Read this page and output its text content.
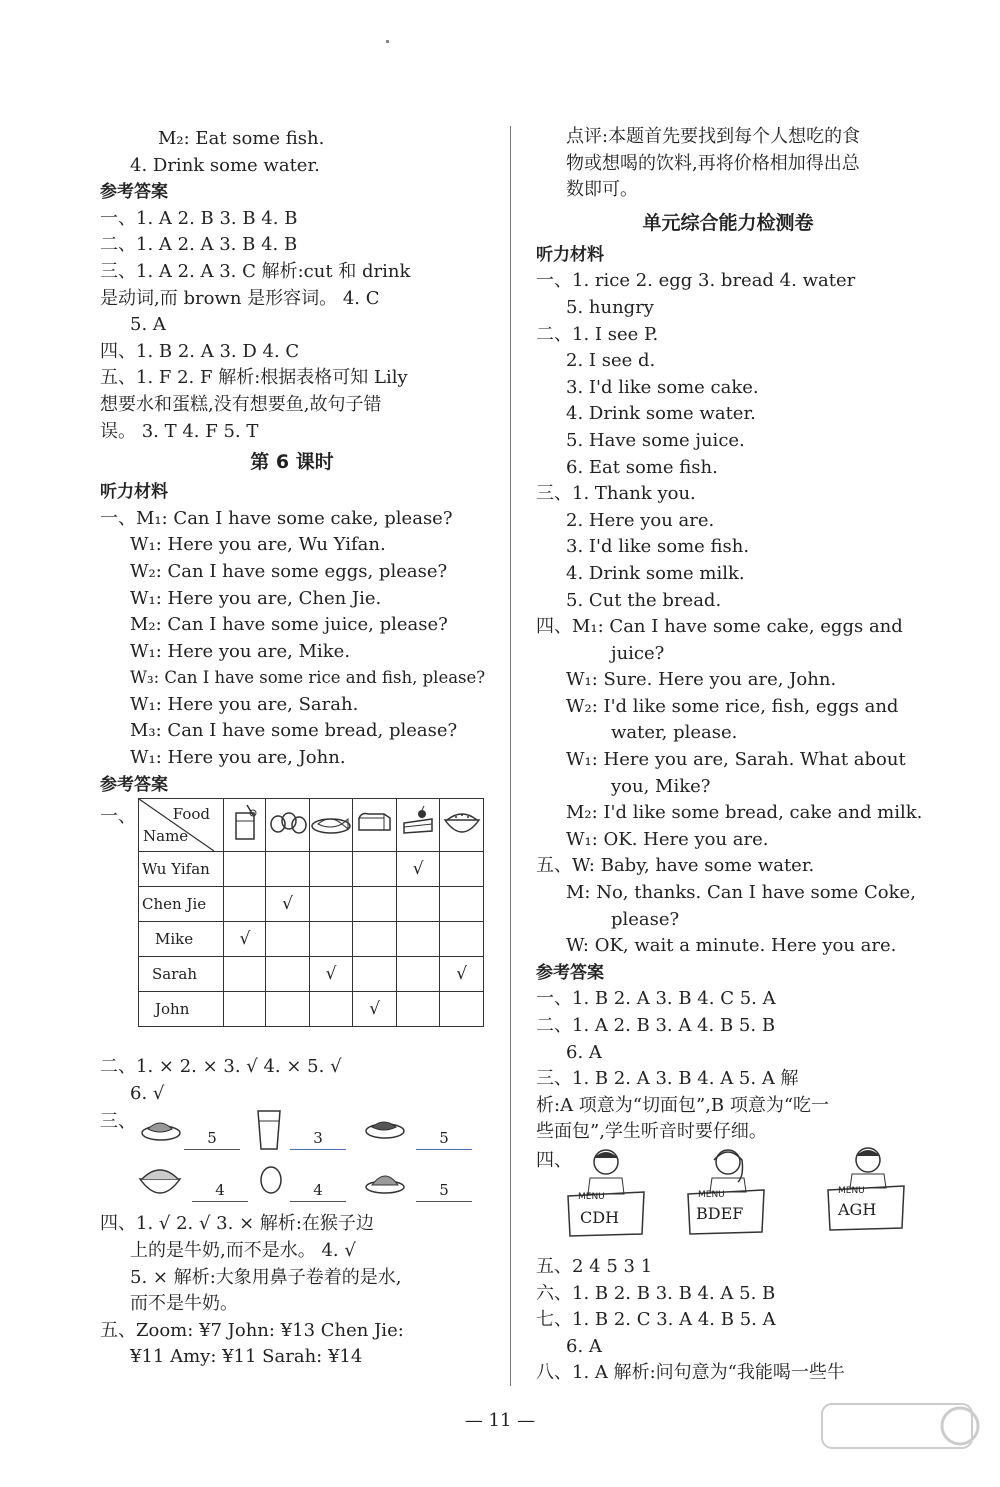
M₂: Eat some fish.
4. Drink some water.
参考答案
一、1. A 2. B 3. B 4. B
二、1. A 2. A 3. B 4. B
三、1. A 2. A 3. C 解析:cut 和 drink
是动词,而 brown 是形容词。 4. C
5. A
四、1. B 2. A 3. D 4. C
五、1. F 2. F 解析:根据表格可知 Lily
想要水和蛋糕,没有想要鱼,故句子错
误。 3. T 4. F 5. T
第 6 课时
听力材料
一、M₁: Can I have some cake, please?
W₁: Here you are, Wu Yifan.
W₂: Can I have some eggs, please?
W₁: Here you are, Chen Jie.
M₂: Can I have some juice, please?
W₁: Here you are, Mike.
W₃: Can I have some rice and fish, please?
W₁: Here you are, Sarah.
M₃: Can I have some bread, please?
W₁: Here you are, John.
参考答案
一、 Food
Name

Wu Yifan					√	
Chen Jie		√				
Mike	√					
Sarah			√			√
John				√		
二、1. × 2. × 3. √ 4. × 5. √
6. √
三、
5	3	5
4	4	5
四、1. √ 2. √ 3. × 解析:在猴子边
上的是牛奶,而不是水。 4. √
5. × 解析:大象用鼻子卷着的是水,
而不是牛奶。
五、Zoom: ¥7 John: ¥13 Chen Jie:
¥11 Amy: ¥11 Sarah: ¥14
点评:本题首先要找到每个人想吃的食
物或想喝的饮料,再将价格相加得出总
数即可。
单元综合能力检测卷
听力材料
一、1. rice 2. egg 3. bread 4. water
5. hungry
二、1. I see P.
2. I see d.
3. I'd like some cake.
4. Drink some water.
5. Have some juice.
6. Eat some fish.
三、1. Thank you.
2. Here you are.
3. I'd like some fish.
4. Drink some milk.
5. Cut the bread.
四、M₁: Can I have some cake, eggs and
juice?
W₁: Sure. Here you are, John.
W₂: I'd like some rice, fish, eggs and
water, please.
W₁: Here you are, Sarah. What about
you, Mike?
M₂: I'd like some bread, cake and milk.
W₁: OK. Here you are.
五、W: Baby, have some water.
M: No, thanks. Can I have some Coke,
please?
W: OK, wait a minute. Here you are.
参考答案
一、1. B 2. A 3. B 4. C 5. A
二、1. A 2. B 3. A 4. B 5. B
6. A
三、1. B 2. A 3. B 4. A 5. A 解
析:A 项意为“切面包”,B 项意为“吃一
些面包”,学生听音时要仔细。
四、
MENU
CDH
MENU
BDEF
MENU
AGH
五、2 4 5 3 1
六、1. B 2. B 3. B 4. A 5. B
七、1. B 2. C 3. A 4. B 5. A
6. A
八、1. A 解析:问句意为“我能喝一些牛
— 11 —
